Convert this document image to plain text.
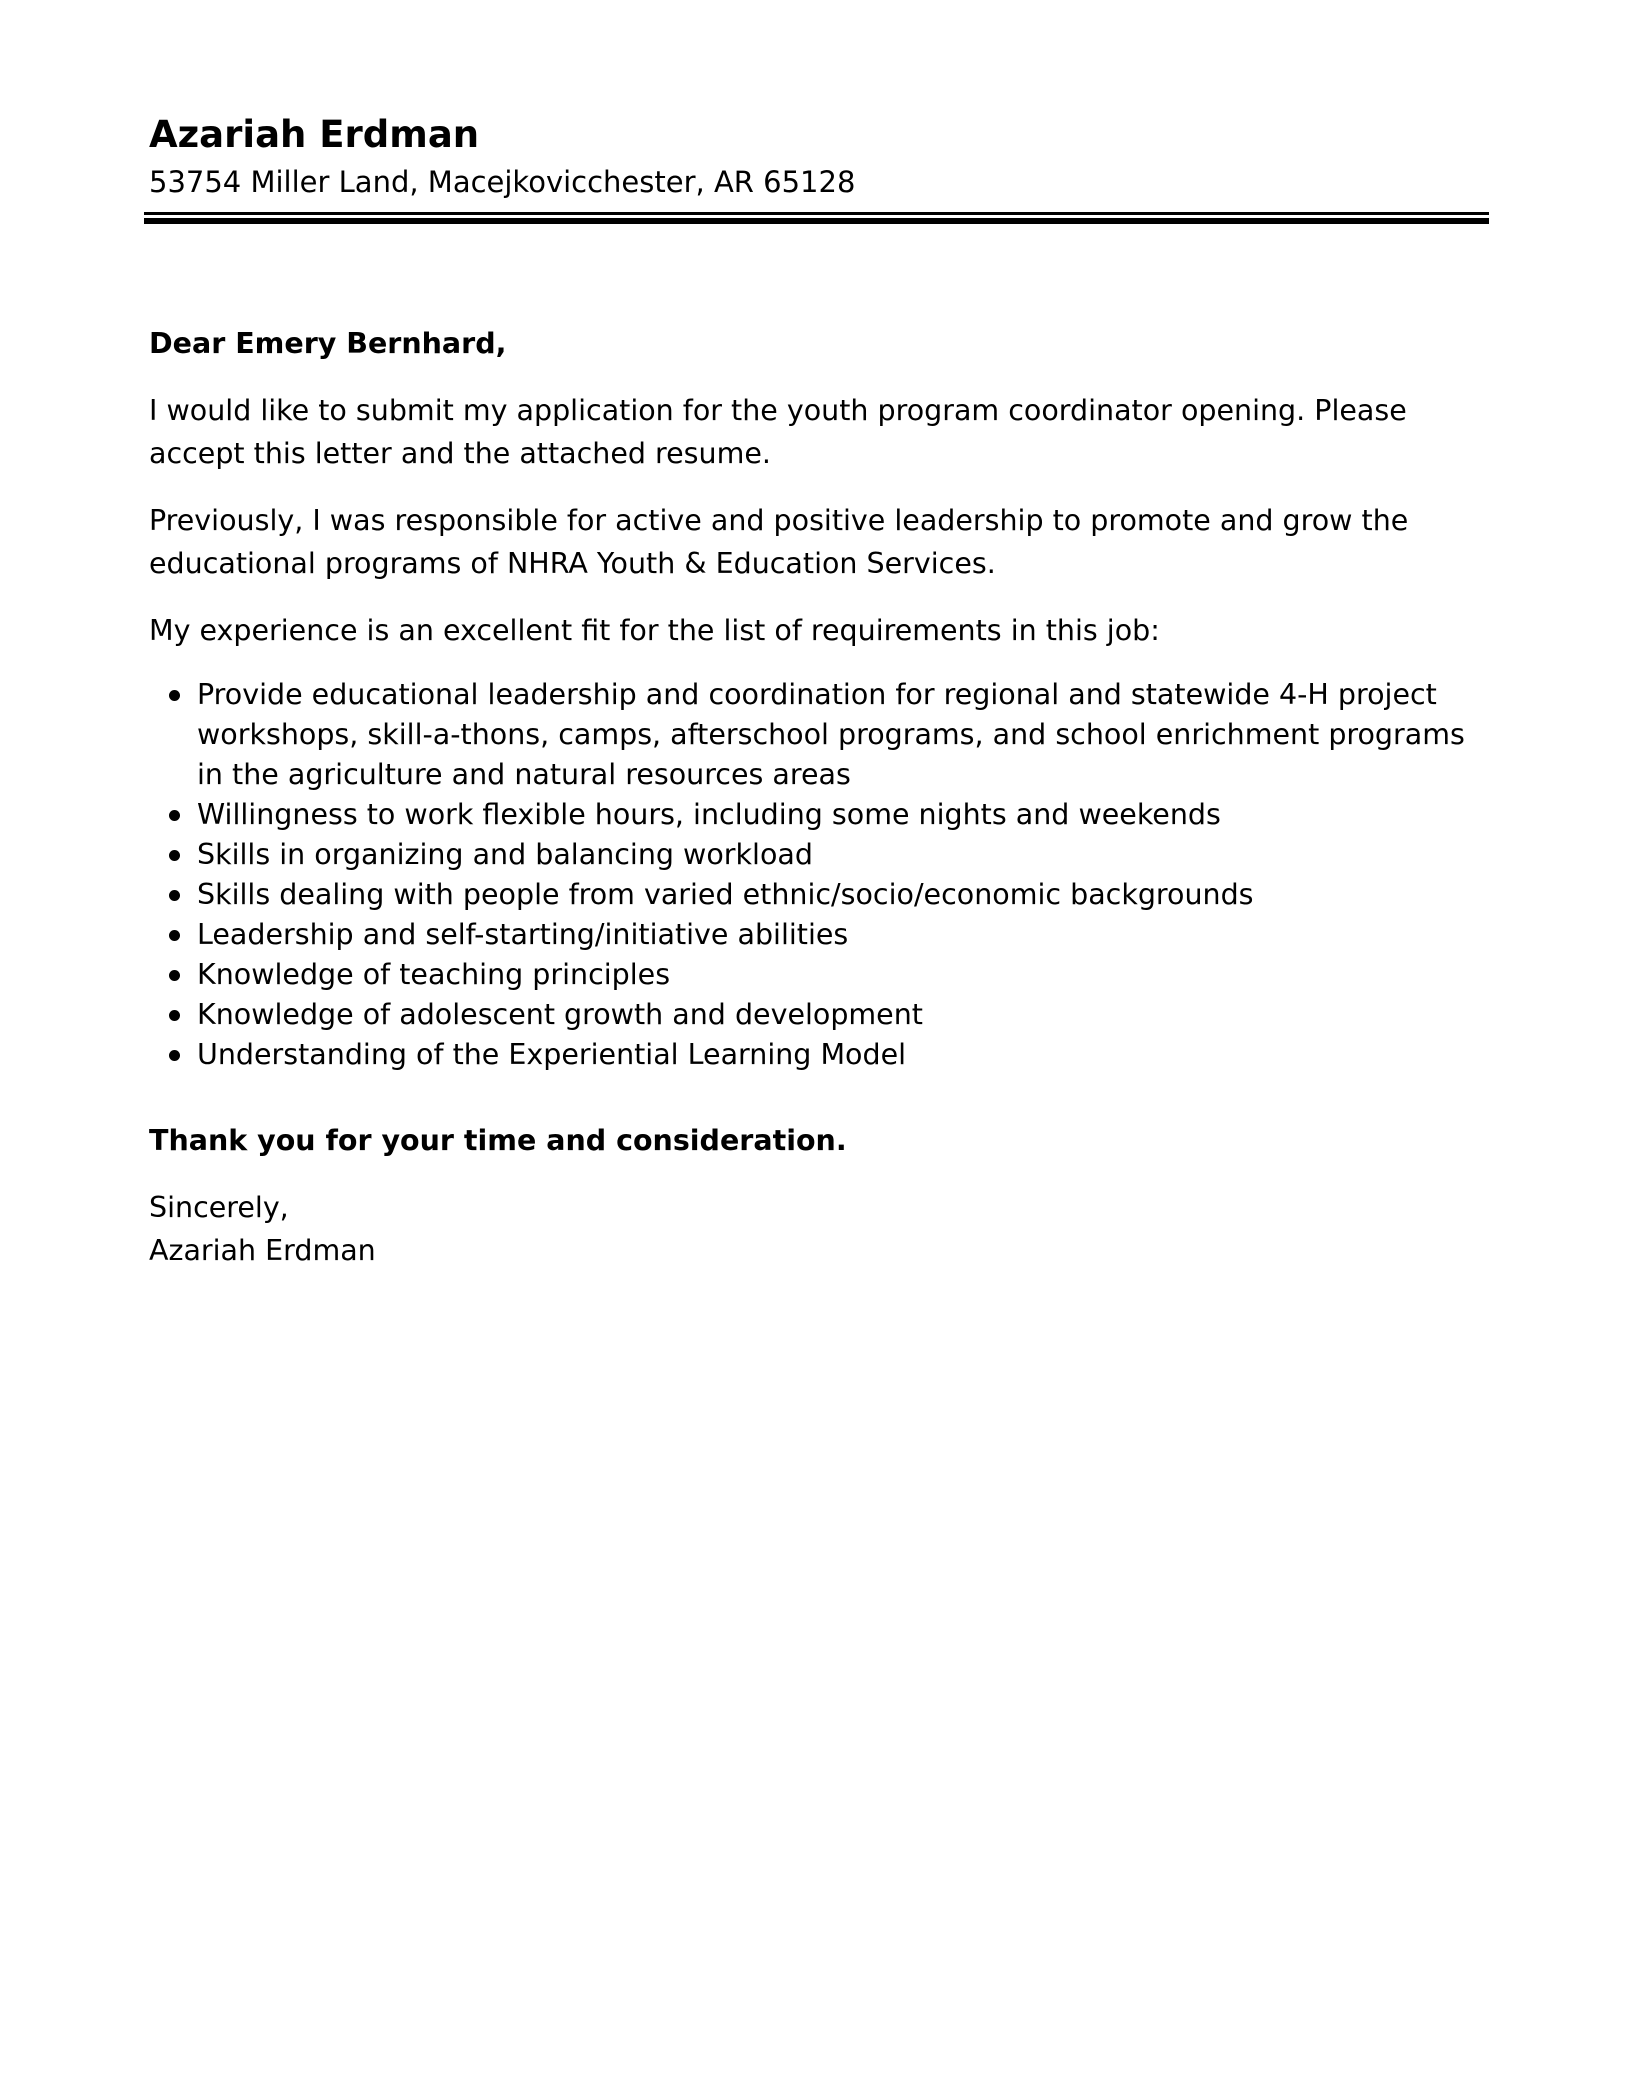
Azariah Erdman

53754 Miller Land, Macejkovicchester, AR 65128

Dear Emery Bernhard,

I would like to submit my application for the youth program coordinator opening. Please accept this letter and the attached resume.

Previously, I was responsible for active and positive leadership to promote and grow the educational programs of NHRA Youth & Education Services.

My experience is an excellent fit for the list of requirements in this job:

Provide educational leadership and coordination for regional and statewide 4-H project workshops, skill-a-thons, camps, afterschool programs, and school enrichment programs in the agriculture and natural resources areas
Willingness to work flexible hours, including some nights and weekends
Skills in organizing and balancing workload
Skills dealing with people from varied ethnic/socio/economic backgrounds
Leadership and self-starting/initiative abilities
Knowledge of teaching principles
Knowledge of adolescent growth and development
Understanding of the Experiential Learning Model

Thank you for your time and consideration.

Sincerely,

Azariah Erdman
